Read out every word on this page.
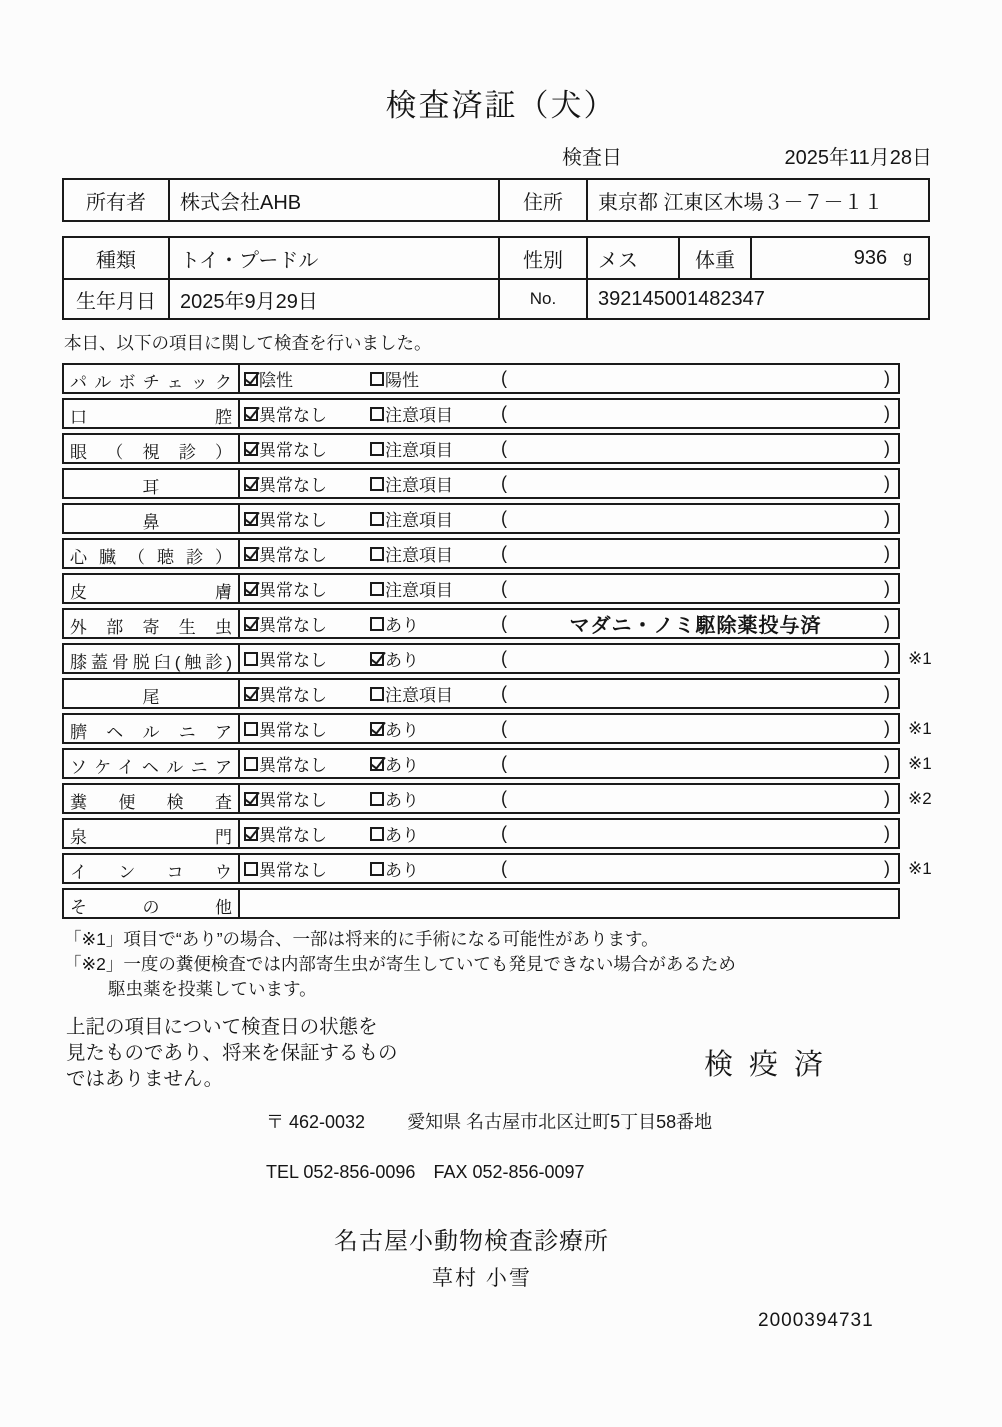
検査済証（犬）
検査日	2025年11月28日
所有者	株式会社AHB	住所	東京都 江東区木場３－７－１１
種類	トイ・プードル	性別	メス	体重	936 g
生年月日	2025年9月29日	No.	392145001482347
本日、以下の項目に関して検査を行いました。
パルボチェック	陰性	陽性	(	)
口腔	異常なし	注意項目	(	)
眼（視診）	異常なし	注意項目	(	)
耳	異常なし	注意項目	(	)
鼻	異常なし	注意項目	(	)
心臓（聴診）	異常なし	注意項目	(	)
皮膚	異常なし	注意項目	(	)
外部寄生虫	異常なし	あり	(	マダニ・ノミ駆除薬投与済	)
膝蓋骨脱臼(触診)	異常なし	あり	(	)	※1
尾	異常なし	注意項目	(	)
臍ヘルニア	異常なし	あり	(	)	※1
ソケイヘルニア	異常なし	あり	(	)	※1
糞便検査	異常なし	あり	(	)	※2
泉門	異常なし	あり	(	)
インコウ	異常なし	あり	(	)	※1
その他
「※1」項目で“あり”の場合、一部は将来的に手術になる可能性があります。
「※2」一度の糞便検査では内部寄生虫が寄生していても発見できない場合があるため
駆虫薬を投薬しています。
上記の項目について検査日の状態を
見たものであり、将来を保証するもの
ではありません。	検疫済
〒 462-0032 愛知県 名古屋市北区辻町5丁目58番地
TEL 052-856-0096 FAX 052-856-0097
名古屋小動物検査診療所
草村 小雪
2000394731
